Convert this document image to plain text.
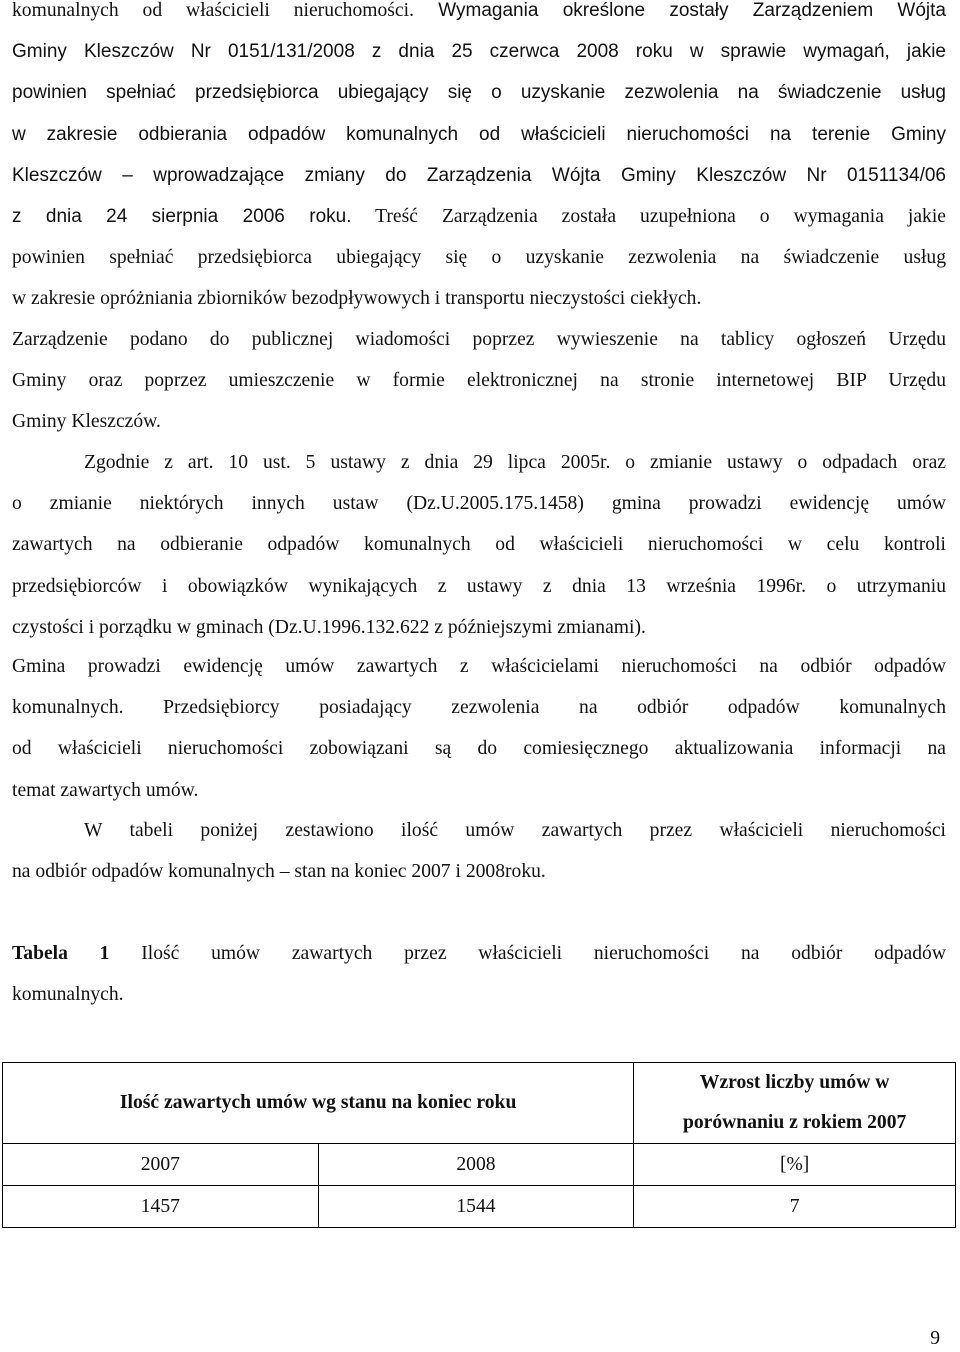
komunalnych od właścicieli nieruchomości. Wymagania określone zostały Zarządzeniem Wójta
Gminy Kleszczów Nr 0151/131/2008 z dnia 25 czerwca 2008 roku w sprawie wymagań, jakie
powinien spełniać przedsiębiorca ubiegający się o uzyskanie zezwolenia na świadczenie usług
w zakresie odbierania odpadów komunalnych od właścicieli nieruchomości na terenie Gminy
Kleszczów – wprowadzające zmiany do Zarządzenia Wójta Gminy Kleszczów Nr 0151134/06
z dnia 24 sierpnia 2006 roku. Treść Zarządzenia została uzupełniona o wymagania jakie
powinien spełniać przedsiębiorca ubiegający się o uzyskanie zezwolenia na świadczenie usług
w zakresie opróżniania zbiorników bezodpływowych i transportu nieczystości ciekłych.

Zarządzenie podano do publicznej wiadomości poprzez wywieszenie na tablicy ogłoszeń Urzędu
Gminy oraz poprzez umieszczenie w formie elektronicznej na stronie internetowej BIP Urzędu
Gminy Kleszczów.

Zgodnie z art. 10 ust. 5 ustawy z dnia 29 lipca 2005r. o zmianie ustawy o odpadach oraz
o zmianie niektórych innych ustaw (Dz.U.2005.175.1458) gmina prowadzi ewidencję umów
zawartych na odbieranie odpadów komunalnych od właścicieli nieruchomości w celu kontroli
przedsiębiorców i obowiązków wynikających z ustawy z dnia 13 września 1996r. o utrzymaniu
czystości i porządku w gminach (Dz.U.1996.132.622 z późniejszymi zmianami).

Gmina prowadzi ewidencję umów zawartych z właścicielami nieruchomości na odbiór odpadów
komunalnych. Przedsiębiorcy posiadający zezwolenia na odbiór odpadów komunalnych
od właścicieli nieruchomości zobowiązani są do comiesięcznego aktualizowania informacji na
temat zawartych umów.

W tabeli poniżej zestawiono ilość umów zawartych przez właścicieli nieruchomości
na odbiór odpadów komunalnych – stan na koniec 2007 i 2008roku.

Tabela 1 Ilość umów zawartych przez właścicieli nieruchomości na odbiór odpadów
komunalnych.

Ilość zawartych umów wg stanu na koniec roku		Wzrost liczby umów w
porównaniu z rokiem 2007

2007	2008	[%]
1457	1544	7
9
